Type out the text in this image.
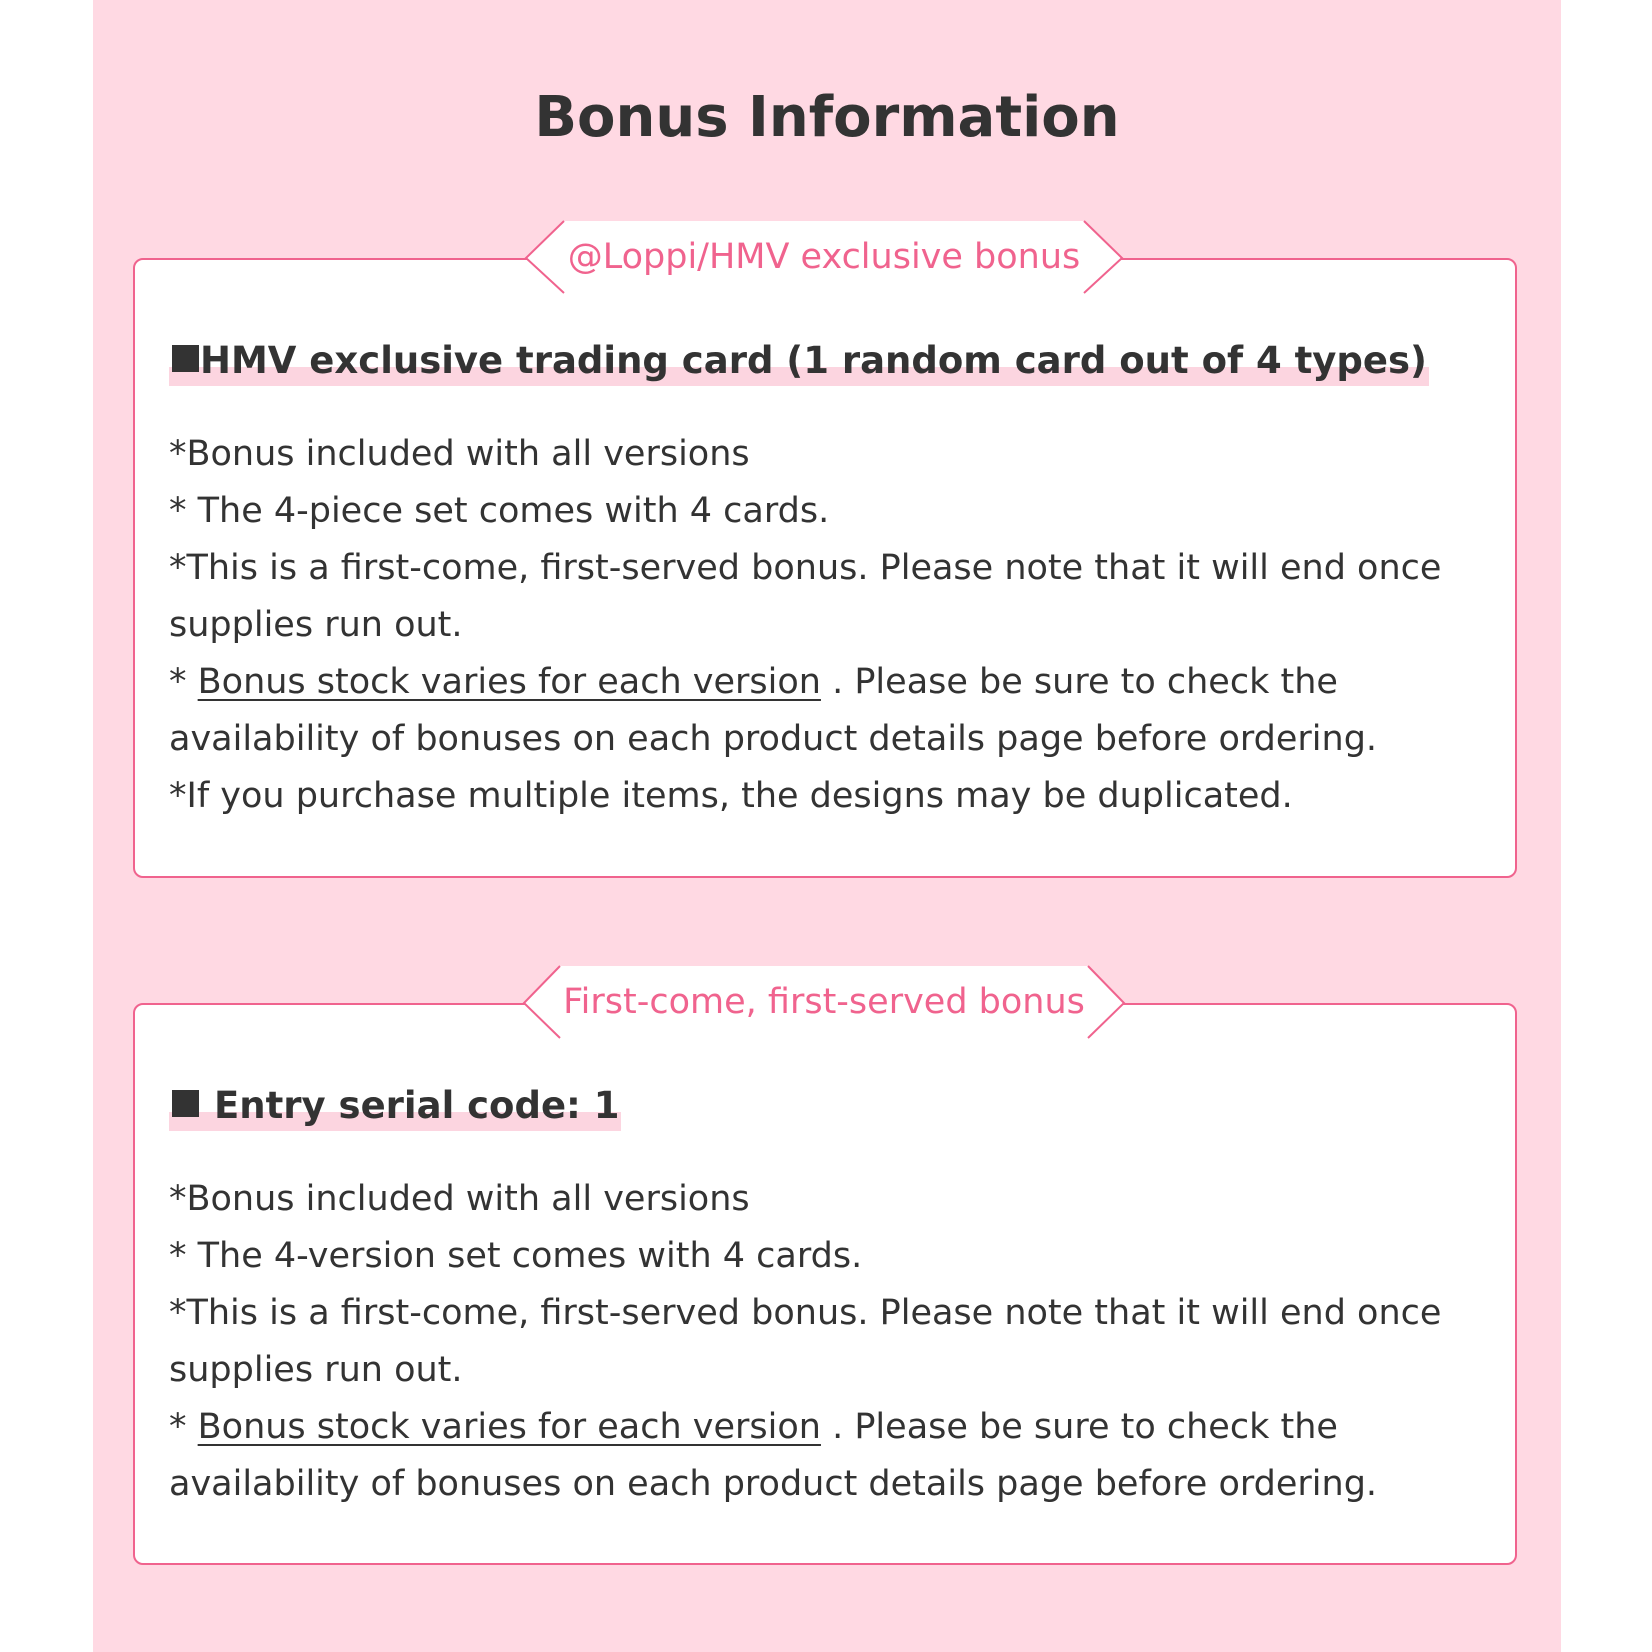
Bonus Information
@Loppi/HMV exclusive bonus
HMV exclusive trading card (1 random card out of 4 types)

*Bonus included with all versions

* The 4-piece set comes with 4 cards.

*This is a first-come, first-served bonus. Please note that it will end once

supplies run out.

* Bonus stock varies for each version . Please be sure to check the

availability of bonuses on each product details page before ordering.

*If you purchase multiple items, the designs may be duplicated.

First-come, first-served bonus
Entry serial code: 1

*Bonus included with all versions

* The 4-version set comes with 4 cards.

*This is a first-come, first-served bonus. Please note that it will end once

supplies run out.

* Bonus stock varies for each version . Please be sure to check the

availability of bonuses on each product details page before ordering.
